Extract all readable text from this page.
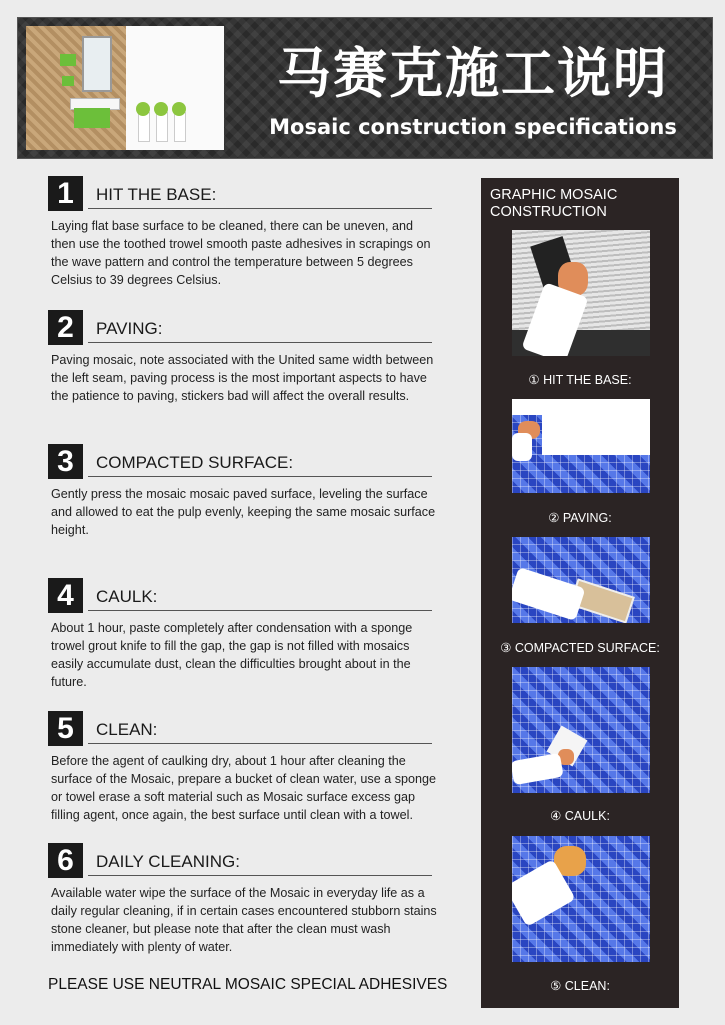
马赛克施工说明
Mosaic construction specifications
1	HIT THE BASE:
Laying flat base surface to be cleaned, there can be uneven, and then use the toothed trowel smooth paste adhesives in scrapings on the wave pattern and control the temperature between 5 degrees Celsius to 39 degrees Celsius.
2	PAVING:
Paving mosaic, note associated with the United same width between the left seam, paving process is the most important aspects to have the patience to paving, stickers bad will affect the overall results.
3	COMPACTED SURFACE:
Gently press the mosaic mosaic paved surface, leveling the surface and allowed to eat the pulp evenly, keeping the same mosaic surface height.
4	CAULK:
About 1 hour, paste completely after condensation with a sponge trowel grout knife to fill the gap, the gap is not filled with mosaics easily accumulate dust, clean the difficulties brought about in the future.
5	CLEAN:
Before the agent of caulking dry, about 1 hour after cleaning the surface of the Mosaic, prepare a bucket of clean water, use a sponge or towel erase a soft material such as Mosaic surface excess gap filling agent, once again, the best surface until clean with a towel.
6	DAILY CLEANING:
Available water wipe the surface of the Mosaic in everyday life as a daily regular cleaning, if in certain cases encountered stubborn stains stone cleaner, but please note that after the clean must wash immediately with plenty of water.
PLEASE USE NEUTRAL MOSAIC SPECIAL ADHESIVES
GRAPHIC MOSAIC CONSTRUCTION
① HIT THE BASE:
② PAVING:
③ COMPACTED SURFACE:
④ CAULK:
⑤ CLEAN:
